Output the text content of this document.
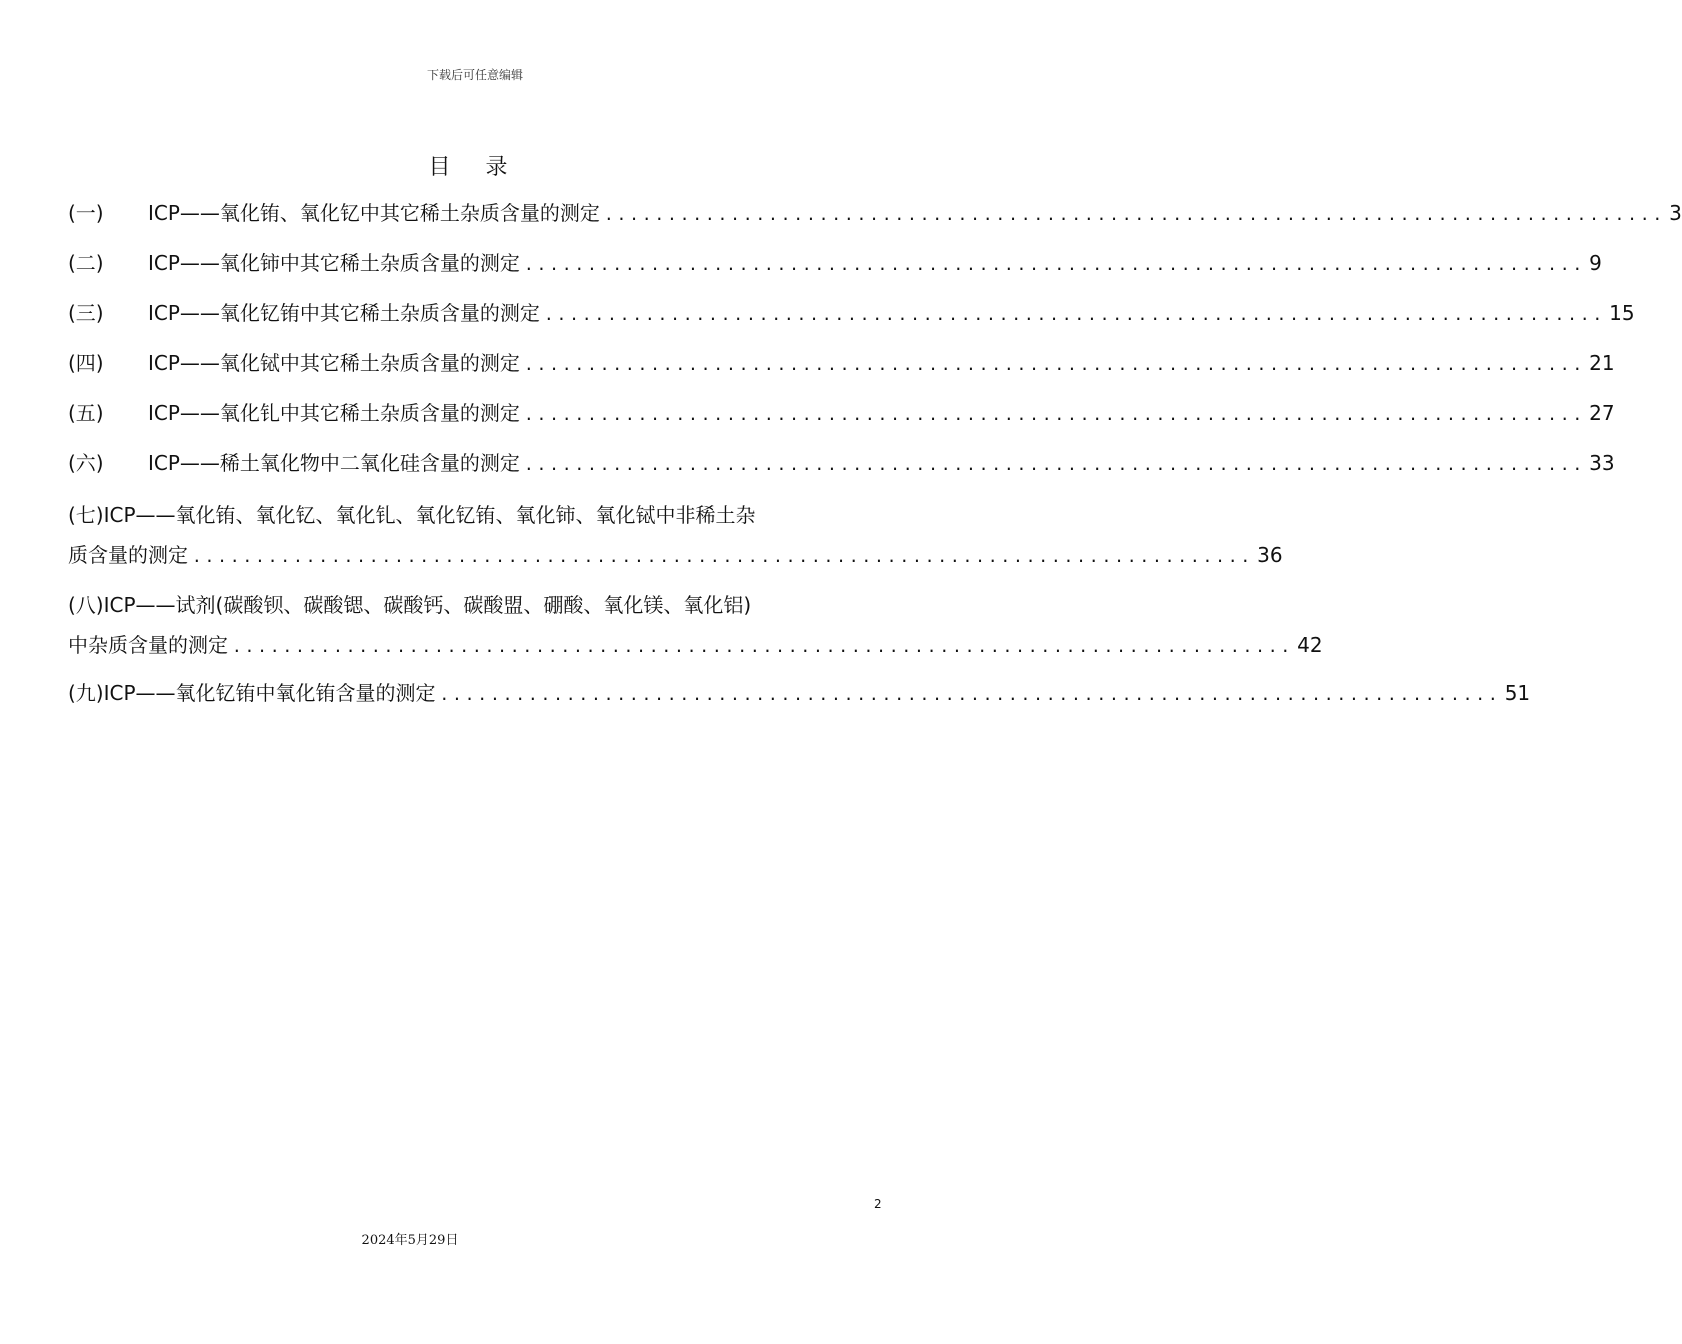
下载后可任意编辑
目 录
(一)	ICP——氧化铕、氧化钇中其它稀土杂质含量的测定 .................................................................................... 3
(二)	ICP——氧化铈中其它稀土杂质含量的测定 .................................................................................... 9
(三)	ICP——氧化钇铕中其它稀土杂质含量的测定 .................................................................................... 15
(四)	ICP——氧化铽中其它稀土杂质含量的测定 .................................................................................... 21
(五)	ICP——氧化钆中其它稀土杂质含量的测定 .................................................................................... 27
(六)	ICP——稀土氧化物中二氧化硅含量的测定 .................................................................................... 33
(七)ICP——氧化铕、氧化钇、氧化钆、氧化钇铕、氧化铈、氧化铽中非稀土杂
质含量的测定 .................................................................................... 36
(八)ICP——试剂(碳酸钡、碳酸锶、碳酸钙、碳酸盟、硼酸、氧化镁、氧化铝)
中杂质含量的测定 .................................................................................... 42
(九)ICP——氧化钇铕中氧化铕含量的测定 .................................................................................... 51
2
2024年5月29日
